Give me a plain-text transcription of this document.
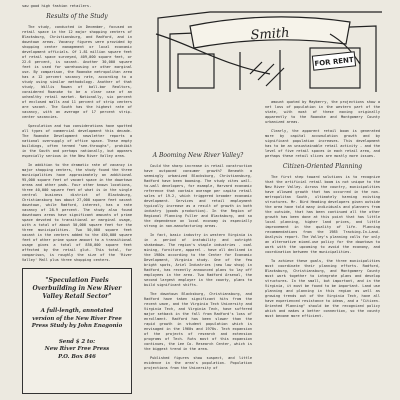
saw good high fashion retailers.

Results of the Study

The study, conducted in December, focused on retail space in the 12 major shopping centers of Blacksburg, Christiansburg, and Radford, and in downtown areas. Vacancy figures were provided by shopping center management or local economic development officials. Of 1.81 million square feet of retail space surveyed, 409,000 square feet, or 22.6 percent, is vacant. Another 30,000 square feet is used for warehousing or other marginal use. By comparison, the Roanoke metropolitan area has a 12 percent vacancy rate, according to a study using similar methodology. Another of that study, Willis Rowan of ball-bar Realtors, considered Roanoke to be a clear case of an unhealthy retail market. Nationally, six percent of enclosed malls and 11 percent of strip centers are vacant. The South has the highest rate of vacancy, with an average of 17 percent strip-center vacancies.

Speculation and two considerations have spotted all types of commercial development this decade. The Roanoke Development newsletter reports a national oversupply of office space. These empty buildings, often termed "see-throughs", prohibit in the South and perhaps nationally, but appears especially serious in the New River Valley area.

In addition to the dramatic rate of vacancy in major shopping centers, the study found the three municipalities have approximately an additional 95,000 square feet of vacant space in the downtown areas and other pads. Four other known locations, three 40,000 square feet of what is in the single central business district of Blacksburg, Christiansburg has about 27,000 square feet vacant downtown, while Radford, interest, has a rate vacancy of 28.9 percent. The study also found downtowns areas have significant amounts of prime space devoted to transitional or marginal usage, with a total of about 50,000 square feet for the three municipalities. Two 50,000 square feet vacant in the centers added to the 450,000 square feet of other prime space amount to a transitional usage gives a total of 850,000 square feet affected by the retail glut. This total, for comparison, is roughly the size of the 'River Valley' Mall plus three shopping centers.

"Speculation Fuels Overbuilding in New River Valley Retail Sector"

A full-length, annotated version of the New River Free Press Study by John Enagonio

Send $ 2 to:
New River Free Press
P.O. Box 846

FOR RENT
Smith

A Booming New River Valley?

Could the sharp increase in retail construction have outpaced consumer growth? Beneath a seemingly urbanized Blacksburg, Christiansburg, Radford have been booming. The study cites wall-to-wall developers, for example, Harvard economic reference that contain average per capita retail sales of 19.2, which triggered broader economic development. Services and retail employment typically increase as a result of growth in both industry (goods production). In the Region of Regional Planning Fuller and Blacksburg, and so the dependence on local economy is especially strong in non-manufacturing areas.

In fact, basic industry in western Virginia is in a period of instability and outright shakedown. The region's staple industries - coal mining, furniture, apparel - have all declined in the 1980s according to the Center for Economic Development, Virginia study. One of the few bright spots, Ariel Industries (new low shop) in Radford, has recently announced plans to lay off employees in the area. Two Radford Arsenal, the second largest employer in the county, plans to build significant shifts.

The downtown Blacksburg, Christiansburg, and Radford have taken significant hits from the recent wave, and the Virginia Tech University and Virginia Tech, and Virginia Tech, have suffered major setback in the fall from Radford's loss of enrollment. Radford has been slower than the rapid growth in student population which is envisaged in the 1960s and 1970s. Tech expansion of the projects of research and extension programs of Tech. Ruts most of this expansion continues, the Lee Co. Research Center, which is the biggest trend in the area.

Published figures show suspect, and little evidence in the area's population. Population projections from the University of

amount quoted by Mayberry, the projections show a net loss of population in the western part of the state, with most of these moving originally apparently to the Roanoke and Montgomery County urbanized areas.

Clearly, the apparent retail boom is generated more by capital accumulation growth and by significant population increases. This development has to be an unsustainable retail activity - and the level of five retail spaces in each retail area, and perhaps these retail slices are mostly more issues.

Citizen-Oriented Planning

The first step toward solutions is to recognize that the artificial retail boom is not unique to the New River Valley. Across the country, municipalities have allowed growth that has occurred in the non-metropolitan South, ultimately harming existing structures. Mr. Bird Heading developers given outside the area have told many individuals and planners from the outside, that has been continued all the other growth has been done at this point that has little local planning, higher land prices, and little improvement in the quality of life. Planning recommendations from the 1985 Tracking-In-Land-Analysis report. The Valley's planning calls for only an alternative mixed-use policy for the downtown to work with the upcoming to avoid the economy, and coordination between the municipalities.

To achieve these goals, the three municipalities must coordinate their planning efforts. Radford, Blacksburg, Christiansburg, and Montgomery County must work together to integrate plans and develop structures. In the small, but important, and in the Virginia, it must be found to be important. Land use planning and planning in this region as well as growing trends out of the Virginia Tech, have all have experienced resistance to ideas, and a "Citizen-Oriented Planning" should be the recognized policy which and makes a better connection, so the county must become more efficient.
